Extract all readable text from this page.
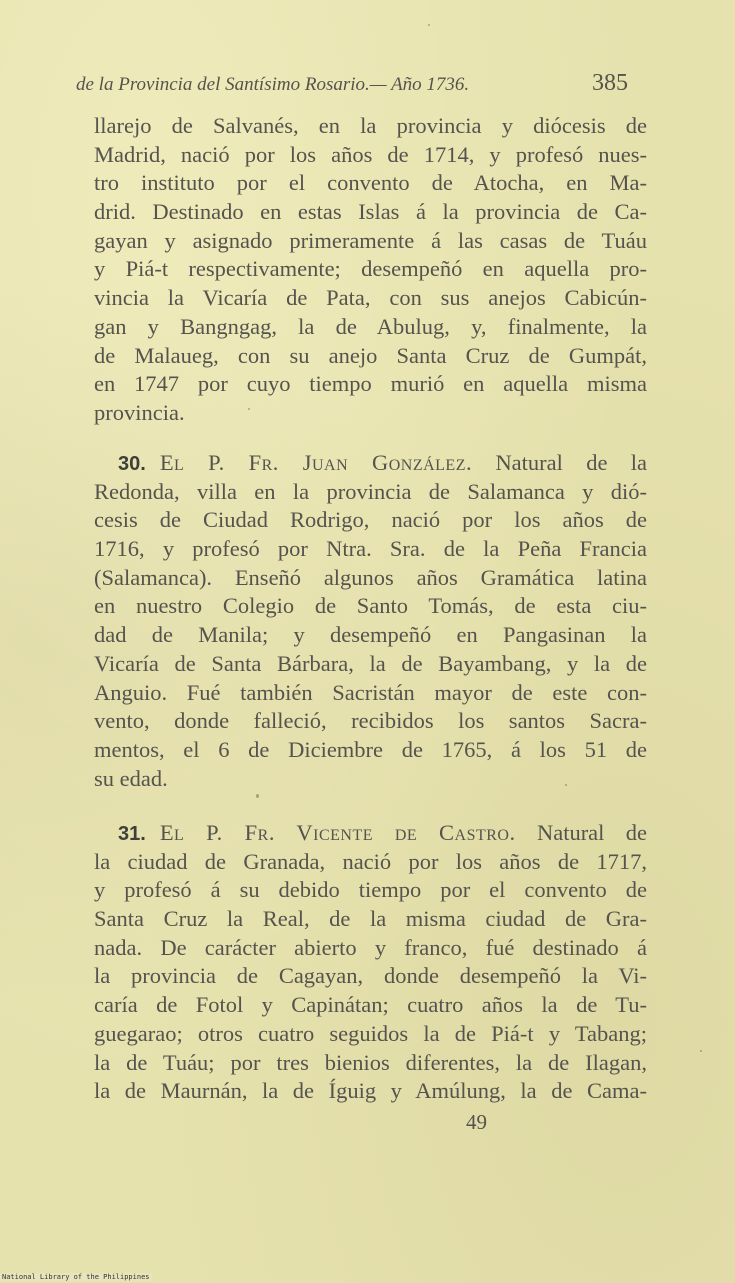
de la Provincia del Santísimo Rosario.— Año 1736.	385
llarejo de Salvanés, en la provincia y diócesis de
Madrid, nació por los años de 1714, y profesó nues-
tro instituto por el convento de Atocha, en Ma-
drid. Destinado en estas Islas á la provincia de Ca-
gayan y asignado primeramente á las casas de Tuáu
y Piá-t respectivamente; desempeñó en aquella pro-
vincia la Vicaría de Pata, con sus anejos Cabicún-
gan y Bangngag, la de Abulug, y, finalmente, la
de Malaueg, con su anejo Santa Cruz de Gumpát,
en 1747 por cuyo tiempo murió en aquella misma
provincia.
30. El P. Fr. Juan González. Natural de la
Redonda, villa en la provincia de Salamanca y dió-
cesis de Ciudad Rodrigo, nació por los años de
1716, y profesó por Ntra. Sra. de la Peña Francia
(Salamanca). Enseñó algunos años Gramática latina
en nuestro Colegio de Santo Tomás, de esta ciu-
dad de Manila; y desempeñó en Pangasinan la
Vicaría de Santa Bárbara, la de Bayambang, y la de
Anguio. Fué también Sacristán mayor de este con-
vento, donde falleció, recibidos los santos Sacra-
mentos, el 6 de Diciembre de 1765, á los 51 de
su edad.
31. El P. Fr. Vicente de Castro. Natural de
la ciudad de Granada, nació por los años de 1717,
y profesó á su debido tiempo por el convento de
Santa Cruz la Real, de la misma ciudad de Gra-
nada. De carácter abierto y franco, fué destinado á
la provincia de Cagayan, donde desempeñó la Vi-
caría de Fotol y Capinátan; cuatro años la de Tu-
guegarao; otros cuatro seguidos la de Piá-t y Tabang;
la de Tuáu; por tres bienios diferentes, la de Ilagan,
la de Maurnán, la de Íguig y Amúlung, la de Cama-
49
National Library of the Philippines
